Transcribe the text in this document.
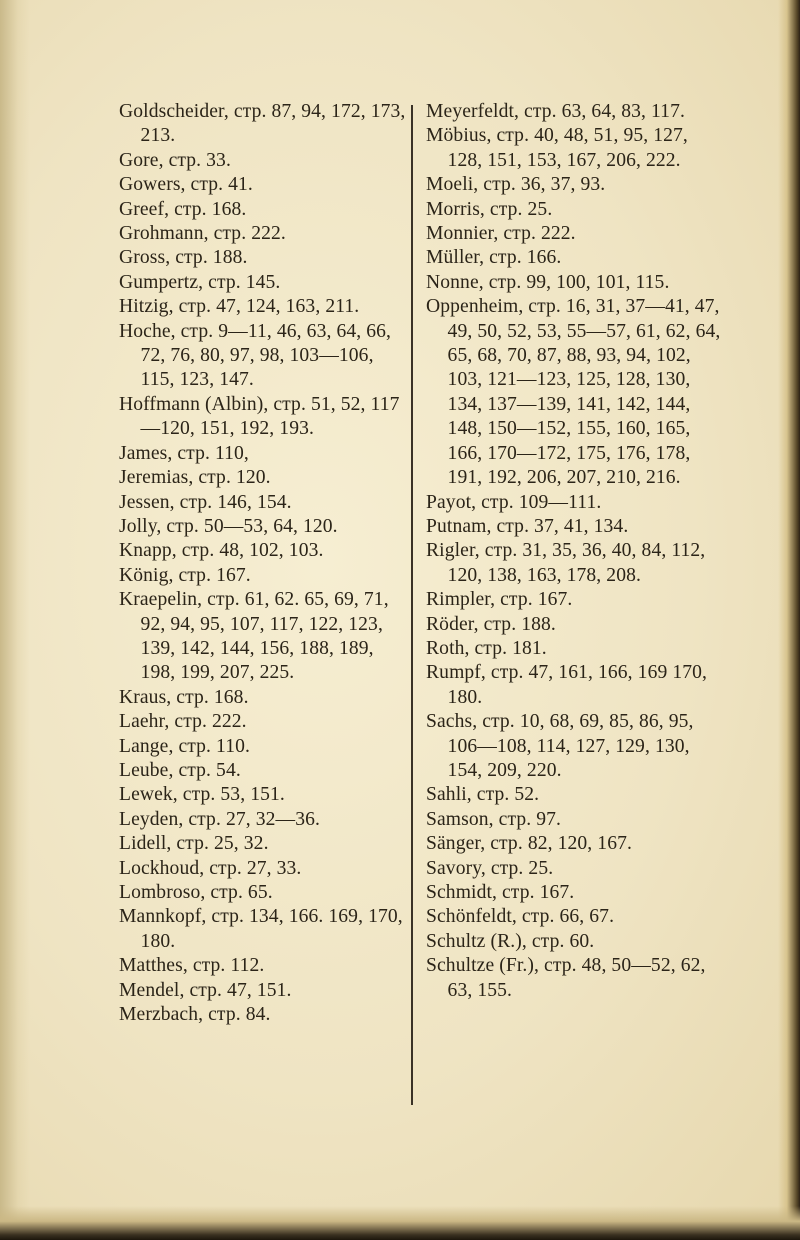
Goldscheider, стр. 87, 94, 172, 173, 213.

Gore, стр. 33.

Gowers, стр. 41.

Greef, стр. 168.

Grohmann, стр. 222.

Gross, стр. 188.

Gumpertz, стр. 145.

Hitzig, стр. 47, 124, 163, 211.

Hoche, стр. 9—11, 46, 63, 64, 66, 72, 76, 80, 97, 98, 103—106, 115, 123, 147.

Hoffmann (Albin), стр. 51, 52, 117—120, 151, 192, 193.

James, стр. 110,

Jeremias, стр. 120.

Jessen, стр. 146, 154.

Jolly, стр. 50—53, 64, 120.

Knapp, стр. 48, 102, 103.

König, стр. 167.

Kraepelin, стр. 61, 62. 65, 69, 71, 92, 94, 95, 107, 117, 122, 123, 139, 142, 144, 156, 188, 189, 198, 199, 207, 225.

Kraus, стр. 168.

Laehr, стр. 222.

Lange, стр. 110.

Leube, стр. 54.

Lewek, стр. 53, 151.

Leyden, стр. 27, 32—36.

Lidell, стр. 25, 32.

Lockhoud, стр. 27, 33.

Lombroso, стр. 65.

Mannkopf, стр. 134, 166. 169, 170, 180.

Matthes, стр. 112.

Mendel, стр. 47, 151.

Merzbach, стр. 84.

Meyerfeldt, стр. 63, 64, 83, 117.

Möbius, стр. 40, 48, 51, 95, 127, 128, 151, 153, 167, 206, 222.

Moeli, стр. 36, 37, 93.

Morris, стр. 25.

Monnier, стр. 222.

Müller, стр. 166.

Nonne, стр. 99, 100, 101, 115.

Oppenheim, стр. 16, 31, 37—41, 47, 49, 50, 52, 53, 55—57, 61, 62, 64, 65, 68, 70, 87, 88, 93, 94, 102, 103, 121—123, 125, 128, 130, 134, 137—139, 141, 142, 144, 148, 150—152, 155, 160, 165, 166, 170—172, 175, 176, 178, 191, 192, 206, 207, 210, 216.

Payot, стр. 109—111.

Putnam, стр. 37, 41, 134.

Rigler, стр. 31, 35, 36, 40, 84, 112, 120, 138, 163, 178, 208.

Rimpler, стр. 167.

Röder, стр. 188.

Roth, стр. 181.

Rumpf, стр. 47, 161, 166, 169 170, 180.

Sachs, стр. 10, 68, 69, 85, 86, 95, 106—108, 114, 127, 129, 130, 154, 209, 220.

Sahli, стр. 52.

Samson, стр. 97.

Sänger, стр. 82, 120, 167.

Savory, стр. 25.

Schmidt, стр. 167.

Schönfeldt, стр. 66, 67.

Schultz (R.), стр. 60.

Schultze (Fr.), стр. 48, 50—52, 62, 63, 155.
